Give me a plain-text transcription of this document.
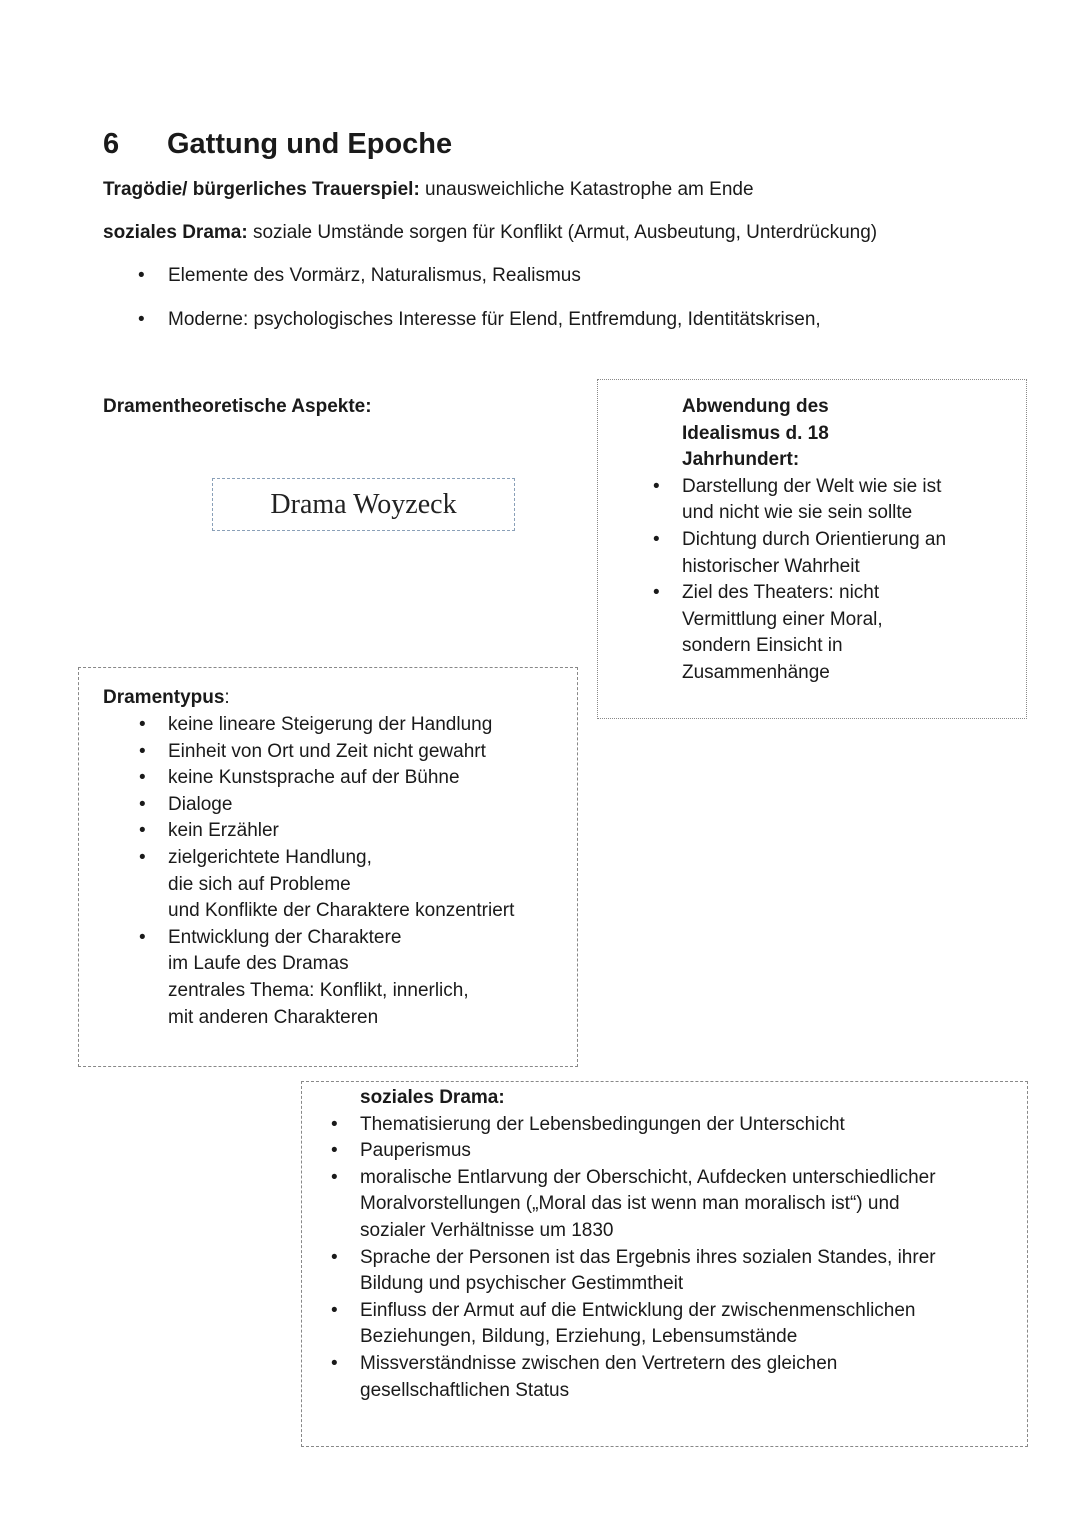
6 Gattung und Epoche
Tragödie/ bürgerliches Trauerspiel: unausweichliche Katastrophe am Ende
soziales Drama: soziale Umstände sorgen für Konflikt (Armut, Ausbeutung, Unterdrückung)
• Elemente des Vormärz, Naturalismus, Realismus
• Moderne: psychologisches Interesse für Elend, Entfremdung, Identitätskrisen,
Dramentheoretische Aspekte:
Drama Woyzeck
Abwendung des
Idealismus d. 18
Jahrhundert:
• Darstellung der Welt wie sie ist
und nicht wie sie sein sollte
• Dichtung durch Orientierung an
historischer Wahrheit
• Ziel des Theaters: nicht
Vermittlung einer Moral,
sondern Einsicht in
Zusammenhänge
Dramentypus:
• keine lineare Steigerung der Handlung
• Einheit von Ort und Zeit nicht gewahrt
• keine Kunstsprache auf der Bühne
• Dialoge
• kein Erzähler
• zielgerichtete Handlung,
die sich auf Probleme
und Konflikte der Charaktere konzentriert
• Entwicklung der Charaktere
im Laufe des Dramas
zentrales Thema: Konflikt, innerlich,
mit anderen Charakteren
soziales Drama:
• Thematisierung der Lebensbedingungen der Unterschicht
• Pauperismus
• moralische Entlarvung der Oberschicht, Aufdecken unterschiedlicher
Moralvorstellungen („Moral das ist wenn man moralisch ist“) und
sozialer Verhältnisse um 1830
• Sprache der Personen ist das Ergebnis ihres sozialen Standes, ihrer
Bildung und psychischer Gestimmtheit
• Einfluss der Armut auf die Entwicklung der zwischenmenschlichen
Beziehungen, Bildung, Erziehung, Lebensumstände
• Missverständnisse zwischen den Vertretern des gleichen
gesellschaftlichen Status
